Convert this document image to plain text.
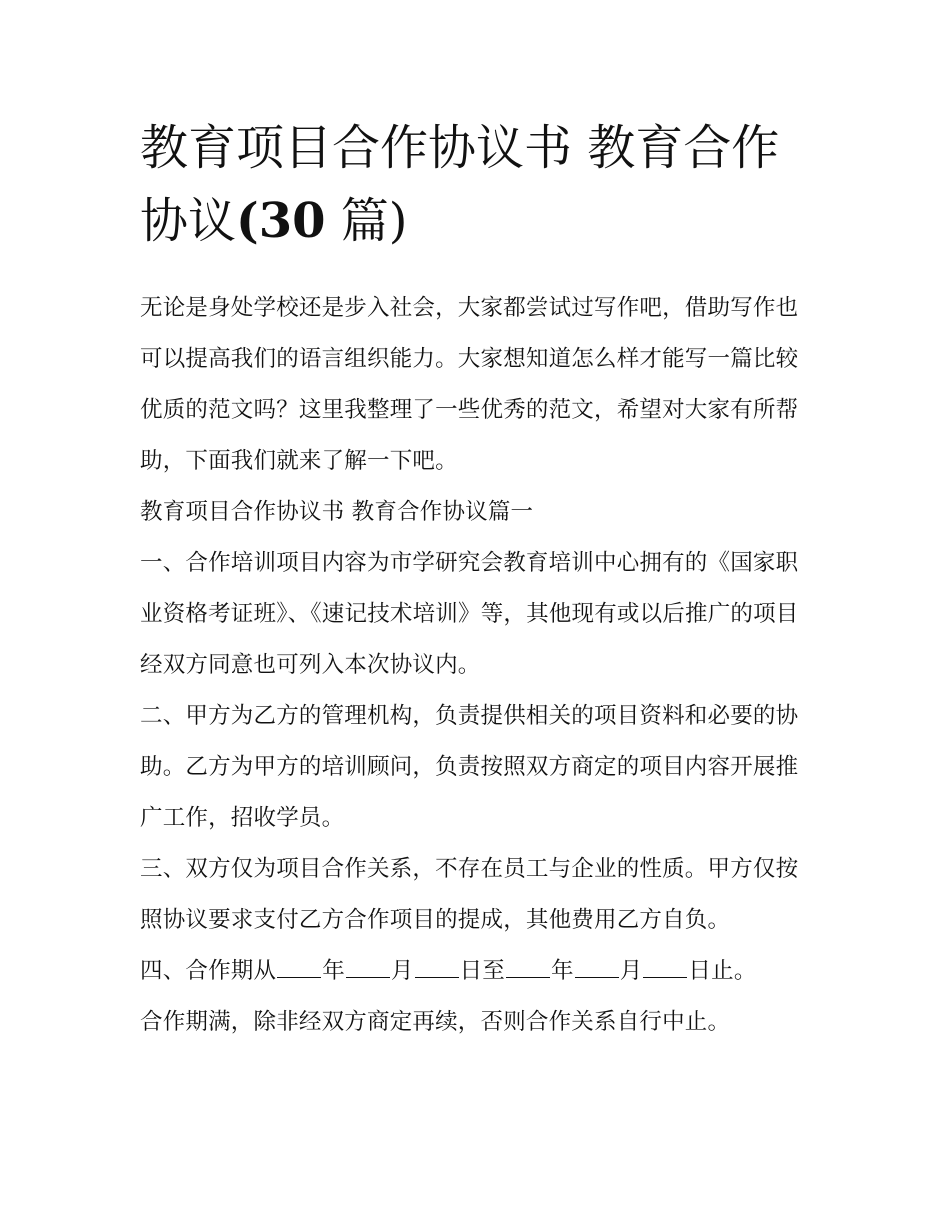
教育项目合作协议书 教育合作协议(30 篇)

无论是身处学校还是步入社会，大家都尝试过写作吧，借助写作也可以提高我们的语言组织能力。大家想知道怎么样才能写一篇比较优质的范文吗？这里我整理了一些优秀的范文，希望对大家有所帮助，下面我们就来了解一下吧。

教育项目合作协议书 教育合作协议篇一

一、合作培训项目内容为市学研究会教育培训中心拥有的《国家职业资格考证班》、《速记技术培训》等，其他现有或以后推广的项目经双方同意也可列入本次协议内。

二、甲方为乙方的管理机构，负责提供相关的项目资料和必要的协助。乙方为甲方的培训顾问，负责按照双方商定的项目内容开展推广工作，招收学员。

三、双方仅为项目合作关系，不存在员工与企业的性质。甲方仅按照协议要求支付乙方合作项目的提成，其他费用乙方自负。

四、合作期从 年 月 日至 年 月 日止。

合作期满，除非经双方商定再续，否则合作关系自行中止。
